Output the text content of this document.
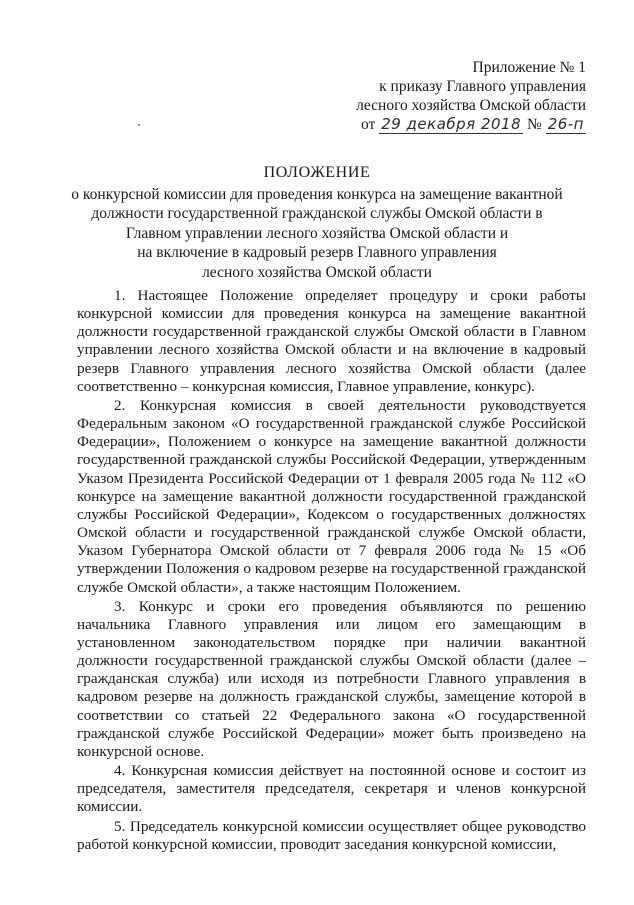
Приложение № 1
к приказу Главного управления
лесного хозяйства Омской области
от 29 декабря 2018 № 26-п
ПОЛОЖЕНИЕ
о конкурсной комиссии для проведения конкурса на замещение вакантной
должности государственной гражданской службы Омской области в
Главном управлении лесного хозяйства Омской области и
на включение в кадровый резерв Главного управления
лесного хозяйства Омской области

1. Настоящее Положение определяет процедуру и сроки работы конкурсной комиссии для проведения конкурса на замещение вакантной должности государственной гражданской службы Омской области в Главном управлении лесного хозяйства Омской области и на включение в кадровый резерв Главного управления лесного хозяйства Омской области (далее соответственно – конкурсная комиссия, Главное управление, конкурс).

2. Конкурсная комиссия в своей деятельности руководствуется Федеральным законом «О государственной гражданской службе Российской Федерации», Положением о конкурсе на замещение вакантной должности государственной гражданской службы Российской Федерации, утвержденным Указом Президента Российской Федерации от 1 февраля 2005 года № 112 «О конкурсе на замещение вакантной должности государственной гражданской службы Российской Федерации», Кодексом о государственных должностях Омской области и государственной гражданской службе Омской области, Указом Губернатора Омской области от 7 февраля 2006 года № 15 «Об утверждении Положения о кадровом резерве на государственной гражданской службе Омской области», а также настоящим Положением.

3. Конкурс и сроки его проведения объявляются по решению начальника Главного управления или лицом его замещающим в установленном законодательством порядке при наличии вакантной должности государственной гражданской службы Омской области (далее – гражданская служба) или исходя из потребности Главного управления в кадровом резерве на должность гражданской службы, замещение которой в соответствии со статьей 22 Федерального закона «О государственной гражданской службе Российской Федерации» может быть произведено на конкурсной основе.

4. Конкурсная комиссия действует на постоянной основе и состоит из председателя, заместителя председателя, секретаря и членов конкурсной комиссии.

5. Председатель конкурсной комиссии осуществляет общее руководство работой конкурсной комиссии, проводит заседания конкурсной комиссии,
